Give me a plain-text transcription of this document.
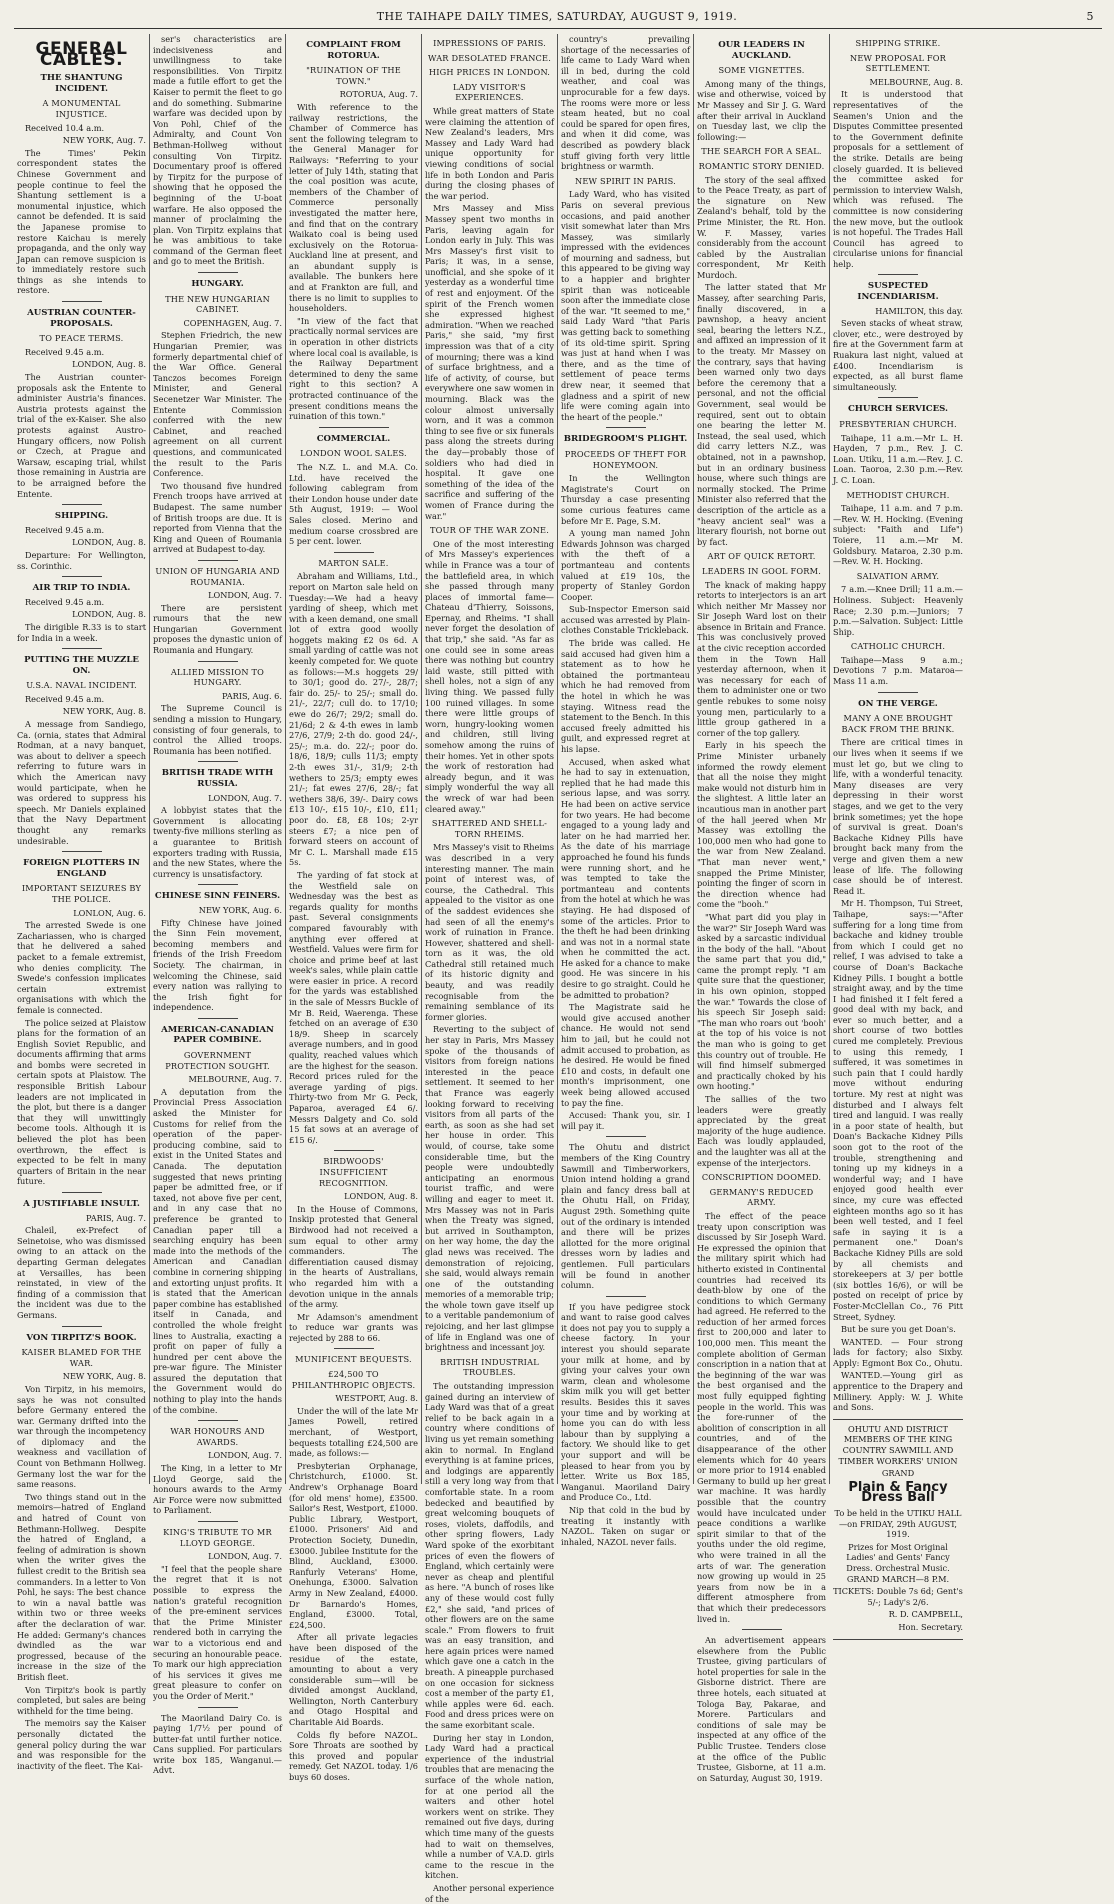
THE TAIHAPE DAILY TIMES, SATURDAY, AUGUST 9, 1919.	5
GENERAL CABLES.
THE SHANTUNG INCIDENT.
A MONUMENTAL INJUSTICE.

Received 10.4 a.m.

NEW YORK, Aug. 7.

The Times' Pekin correspondent states the Chinese Government and people continue to feel the Shantung settlement is a monumental injustice, which cannot be defended. It is said the Japanese promise to restore Kaichau is merely propaganda, and the only way Japan can remove suspicion is to immediately restore such things as she intends to restore.

AUSTRIAN COUNTER-PROPOSALS.
TO PEACE TERMS.

Received 9.45 a.m.

LONDON, Aug. 8.

The Austrian counter-proposals ask the Entente to administer Austria's finances. Austria protests against the trial of the ex-Kaiser. She also protests against Austro-Hungary officers, now Polish or Czech, at Prague and Warsaw, escaping trial, whilst those remaining in Austria are to be arraigned before the Entente.

SHIPPING.

Received 9.45 a.m.

LONDON, Aug. 8.

Departure: For Wellington, ss. Corinthic.

AIR TRIP TO INDIA.

Received 9.45 a.m.

LONDON, Aug. 8.

The dirigible R.33 is to start for India in a week.

PUTTING THE MUZZLE ON.
U.S.A. NAVAL INCIDENT.

Received 9.45 a.m.

NEW YORK, Aug. 8.

A message from Sandiego, Ca. (ornia, states that Admiral Rodman, at a navy banquet, was about to deliver a speech referring to future wars in which the American navy would participate, when he was ordered to suppress his speech. Mr Daniels explained that the Navy Department thought any remarks undesirable.

FOREIGN PLOTTERS IN ENGLAND
IMPORTANT SEIZURES BY THE POLICE.
LONLON, Aug. 6.

The arrested Swede is one Zachariassen, who is charged that he delivered a sahed packet to a female extremist, who denies complicity. The Swede's confession implicates certain extremist organisations with which the female is connected.

The police seized at Plaistow plans for the formation of an English Soviet Republic, and documents affirming that arms and bombs were secreted in certain spots at Plaistow. The responsible British Labour leaders are not implicated in the plot, but there is a danger that they will unwittingly become tools. Although it is believed the plot has been overthrown, the effect is expected to be felt in many quarters of Britain in the near future.

A JUSTIFIABLE INSULT.
PARIS, Aug. 7.

Chaleil, ex-Prefect of Seinetoise, who was dismissed owing to an attack on the departing German delegates at Versailles, has been reinstated, in view of the finding of a commission that the incident was due to the Germans.

VON TIRPITZ'S BOOK.
KAISER BLAMED FOR THE WAR.
NEW YORK, Aug. 8.

Von Tirpitz, in his memoirs, says he was not consulted before Germany entered the war. Germany drifted into the war through the incompetency of diplomacy and the weakness and vacillation of Count von Bethmann Hollweg. Germany lost the war for the same reasons.

Two things stand out in the memoirs—hatred of England and hatred of Count von Bethmann-Hollweg. Despite the hatred of England, a feeling of admiration is shown when the writer gives the fullest credit to the British sea commanders. In a letter to Von Pohl, he says: The best chance to win a naval battle was within two or three weeks after the declaration of war. He added: Germany's chances dwindled as the war progressed, because of the increase in the size of the British fleet.

Von Tirpitz's book is partly completed, but sales are being withheld for the time being.

The memoirs say the Kaiser personally dictated the general policy during the war and was responsible for the inactivity of the fleet. The Kai-

ser's characteristics are indecisiveness and unwillingness to take responsibilities. Von Tirpitz made a futile effort to get the Kaiser to permit the fleet to go and do something. Submarine warfare was decided upon by Von Pohl, Chief of the Admiralty, and Count Von Bethman-Hollweg without consulting Von Tirpitz. Documentary proof is offered by Tirpitz for the purpose of showing that he opposed the beginning of the U-boat warfare. He also opposed the manner of proclaiming the plan. Von Tirpitz explains that he was ambitious to take command of the German fleet and go to meet the British.

HUNGARY.
THE NEW HUNGARIAN CABINET.
COPENHAGEN, Aug. 7.

Stephen Friedrich, the new Hungarian Premier, was formerly departmental chief of the War Office. General Tanczos becomes Foreign Minister, and General Secenetzer War Minister. The Entente Commission conferred with the new Cabinet, and reached agreement on all current questions, and communicated the result to the Paris Conference.

Two thousand five hundred French troops have arrived at Budapest. The same number of British troops are due. It is reported from Vienna that the King and Queen of Roumania arrived at Budapest to-day.

UNION OF HUNGARIA AND ROUMANIA.
LONDON, Aug. 7.

There are persistent rumours that the new Hungarian Government proposes the dynastic union of Roumania and Hungary.

ALLIED MISSION TO HUNGARY.
PARIS, Aug. 6.

The Supreme Council is sending a mission to Hungary, consisting of four generals, to control the Allied troops. Roumania has been notified.

BRITISH TRADE WITH RUSSIA.
LONDON, Aug. 7.

A lobbyist states that the Government is allocating twenty-five millions sterling as a guarantee to British exporters trading with Russia, and the new States, where the currency is unsatisfactory.

CHINESE SINN FEINERS.
NEW YORK, Aug. 6.

Fifty Chinese have joined the Sinn Fein movement, becoming members and friends of the Irish Freedom Society. The chairman, in welcoming the Chinese, said every nation was rallying to the Irish fight for independence.

AMERICAN-CANADIAN PAPER COMBINE.
GOVERNMENT PROTECTION SOUGHT.
MELBOURNE, Aug. 7.

A deputation from the Provincial Press Association asked the Minister for Customs for relief from the operation of the paper-producing combine, said to exist in the United States and Canada. The deputation suggested that news printing paper be admitted free, or if taxed, not above five per cent, and in any case that no preference be granted to Canadian paper till a searching enquiry has been made into the methods of the American and Canadian combine in cornering shipping and extorting unjust profits. It is stated that the American paper combine has established itself in Canada, and controlled the whole freight lines to Australia, exacting a profit on paper of fully a hundred per cent above the pre-war figure. The Minister assured the deputation that the Government would do nothing to play into the hands of the combine.

WAR HONOURS AND AWARDS.
LONDON, Aug. 7.

The King, in a letter to Mr Lloyd George, said the honours awards to the Army Air Force were now submitted to Parliament.

KING'S TRIBUTE TO MR LLOYD GEORGE.
LONDON, Aug. 7.

"I feel that the people share the regret that it is not possible to express the nation's grateful recognition of the pre-eminent services that the Prime Minister rendered both in carrying the war to a victorious end and securing an honourable peace. To mark our high appreciation of his services it gives me great pleasure to confer on you the Order of Merit."

The Maoriland Dairy Co. is paying 1/7½ per pound of butter-fat until further notice. Cans supplied. For particulars write box 185, Wanganui.—Advt.

COMPLAINT FROM ROTORUA.
"RUINATION OF THE TOWN."
ROTORUA, Aug. 7.

With reference to the railway restrictions, the Chamber of Commerce has sent the following telegram to the General Manager for Railways: "Referring to your letter of July 14th, stating that the coal position was acute, members of the Chamber of Commerce personally investigated the matter here, and find that on the contrary Waikato coal is being used exclusively on the Rotorua-Auckland line at present, and an abundant supply is available. The bunkers here and at Frankton are full, and there is no limit to supplies to householders.

"In view of the fact that practically normal services are in operation in other districts where local coal is available, is the Railway Department determined to deny the same right to this section? A protracted continuance of the present conditions means the ruination of this town."

COMMERCIAL.
LONDON WOOL SALES.

The N.Z. L. and M.A. Co. Ltd. have received the following cablegram from their London house under date 5th August, 1919: — Wool Sales closed. Merino and medium coarse crossbred are 5 per cent. lower.

MARTON SALE.

Abraham and Williams, Ltd., report on Marton sale held on Tuesday:—We had a heavy yarding of sheep, which met with a keen demand, one small lot of extra good woolly hoggets making £2 0s 6d. A small yarding of cattle was not keenly competed for. We quote as follows:—M.s hoggets 29/ to 30/1; good do. 27/-, 28/7; fair do. 25/- to 25/-; small do. 21/-, 22/7; cull do. to 17/10; ewe do 26/7; 29/2; small do. 21/6d; 2 & 4-th ewes in lamb 27/6, 27/9; 2-th do. good 24/-, 25/-; m.a. do. 22/-; poor do. 18/6, 18/9; culls 11/3; empty 2-th ewes 31/-, 31/9; 2-th wethers to 25/3; empty ewes 21/-; fat ewes 27/6, 28/-; fat wethers 38/6, 39/-. Dairy cows £13 10/-, £15 10/-, £10, £11; poor do. £8, £8 10s; 2-yr steers £7; a nice pen of forward steers on account of Mr C. L. Marshall made £15 5s.

The yarding of fat stock at the Westfield sale on Wednesday was the best as regards quality for months past. Several consignments compared favourably with anything ever offered at Westfield. Values were firm for choice and prime beef at last week's sales, while plain cattle were easier in price. A record for the yards was established in the sale of Messrs Buckle of Mr B. Reid, Waerenga. These fetched on an average of £30 18/9. Sheep in scarcely average numbers, and in good quality, reached values which are the highest for the season. Record prices ruled for the average yarding of pigs. Thirty-two from Mr G. Peck, Paparoa, averaged £4 6/. Messrs Dalgety and Co. sold 15 fat sows at an average of £15 6/.

BIRDWOODS' INSUFFICIENT RECOGNITION.
LONDON, Aug. 8.

In the House of Commons, Inskip protested that General Birdwood had not received a sum equal to other army commanders. The differentiation caused dismay in the hearts of Australians, who regarded him with a devotion unique in the annals of the army.

Mr Adamson's amendment to reduce war grants was rejected by 288 to 66.

MUNIFICENT BEQUESTS.
£24,500 TO PHILANTHROPIC OBJECTS.
WESTPORT, Aug. 8.

Under the will of the late Mr James Powell, retired merchant, of Westport, bequests totalling £24,500 are made, as follows:—

Presbyterian Orphanage, Christchurch, £1000. St. Andrew's Orphanage Board (for old mens' home), £3500. Sailor's Rest, Westport, £1000. Public Library, Westport, £1000. Prisoners' Aid and Protection Society, Dunedin, £3000. Jubilee Institute for the Blind, Auckland, £3000. Ranfurly Veterans' Home, Onehunga, £3000. Salvation Army in New Zealand, £4000. Dr Barnardo's Homes, England, £3000. Total, £24,500.

After all private legacies have been disposed of the residue of the estate, amounting to about a very considerable sum—will be divided amongst Auckland, Wellington, North Canterbury and Otago Hospital and Charitable Aid Boards.

Colds fly before NAZOL. Sore Throats are soothed by this proved and popular remedy. Get NAZOL today. 1/6 buys 60 doses.

IMPRESSIONS OF PARIS.
WAR DESOLATED FRANCE.
HIGH PRICES IN LONDON.
LADY VISITOR'S EXPERIENCES.

While great matters of State were claiming the attention of New Zealand's leaders, Mrs Massey and Lady Ward had unique opportunity for viewing conditions of social life in both London and Paris during the closing phases of the war period.

Mrs Massey and Miss Massey spent two months in Paris, leaving again for London early in July. This was Mrs Massey's first visit to Paris; it was, in a sense, unofficial, and she spoke of it yesterday as a wonderful time of rest and enjoyment. Of the spirit of the French women she expressed highest admiration. "When we reached Paris," she said, "my first impression was that of a city of mourning; there was a kind of surface brightness, and a life of activity, of course, but everywhere one saw women in mourning. Black was the colour almost universally worn, and it was a common thing to see five or six funerals pass along the streets during the day—probably those of soldiers who had died in hospital. It gave one something of the idea of the sacrifice and suffering of the women of France during the war."

TOUR OF THE WAR ZONE.

One of the most interesting of Mrs Massey's experiences while in France was a tour of the battlefield area, in which she passed through many places of immortal fame—Chateau d'Thierry, Soissons, Epernay, and Rheims. "I shall never forget the desolation of that trip," she said. "As far as one could see in some areas there was nothing but country laid waste, still pitted with shell holes, not a sign of any living thing. We passed fully 100 ruined villages. In some there were little groups of worn, hungry-looking women and children, still living somehow among the ruins of their homes. Yet in other spots the work of restoration had already begun, and it was simply wonderful the way all the wreck of war had been cleared away."

SHATTERED AND SHELL-TORN RHEIMS.

Mrs Massey's visit to Rheims was described in a very interesting manner. The main point of interest was, of course, the Cathedral. This appealed to the visitor as one of the saddest evidences she had seen of all the enemy's work of ruination in France. However, shattered and shell-torn as it was, the old Cathedral still retained much of its historic dignity and beauty, and was readily recognisable from the remaining semblance of its former glories.

Reverting to the subject of her stay in Paris, Mrs Massey spoke of the thousands of visitors from foreign nations interested in the peace settlement. It seemed to her that France was eagerly looking forward to receiving visitors from all parts of the earth, as soon as she had set her house in order. This would, of course, take some considerable time, but the people were undoubtedly anticipating an enormous tourist traffic, and were willing and eager to meet it. Mrs Massey was not in Paris when the Treaty was signed, but arrived in Southampton, on her way home, the day the glad news was received. The demonstration of rejoicing, she said, would always remain one of the outstanding memories of a memorable trip; the whole town gave itself up to a veritable pandemonium of rejoicing, and her last glimpse of life in England was one of brightness and incessant joy.

BRITISH INDUSTRIAL TROUBLES.

The outstanding impression gained during an interview of Lady Ward was that of a great relief to be back again in a country where conditions of living us yet remain something akin to normal. In England everything is at famine prices, and lodgings are apparently still a very long way from that comfortable state. In a room bedecked and beautified by great welcoming bouquets of roses, violets, daffodils, and other spring flowers, Lady Ward spoke of the exorbitant prices of even the flowers of England, which certainly were never as cheap and plentiful as here. "A bunch of roses like any of these would cost fully £2," she said, "and prices of other flowers are on the same scale." From flowers to fruit was an easy transition, and here again prices were named which gave one a catch in the breath. A pineapple purchased on one occasion for sickness cost a member of the party £1, while apples were 6d. each. Food and dress prices were on the same exorbitant scale.

During her stay in London, Lady Ward had a practical experience of the industrial troubles that are menacing the surface of the whole nation, for at one period all the waiters and other hotel workers went on strike. They remained out five days, during which time many of the guests had to wait on themselves, while a number of V.A.D. girls came to the rescue in the kitchen.

Another personal experience of the

country's prevailing shortage of the necessaries of life came to Lady Ward when ill in bed, during the cold weather, and coal was unprocurable for a few days. The rooms were more or less steam heated, but no coal could be spared for open fires, and when it did come, was described as powdery black stuff giving forth very little brightness or warmth.

NEW SPIRIT IN PARIS.

Lady Ward, who has visited Paris on several previous occasions, and paid another visit somewhat later than Mrs Massey, was similarly impressed with the evidences of mourning and sadness, but this appeared to be giving way to a happier and brighter spirit than was noticeable soon after the immediate close of the war. "It seemed to me," said Lady Ward "that Paris was getting back to something of its old-time spirit. Spring was just at hand when I was there, and as the time of settlement of peace terms drew near, it seemed that gladness and a spirit of new life were coming again into the heart of the people."

BRIDEGROOM'S PLIGHT.
PROCEEDS OF THEFT FOR HONEYMOON.

In the Wellington Magistrate's Court on Thursday a case presenting some curious features came before Mr E. Page, S.M.

A young man named John Edwards Johnson was charged with the theft of a portmanteau and contents valued at £19 10s, the property of Stanley Gordon Cooper.

Sub-Inspector Emerson said accused was arrested by Plain-clothes Constable Trickleback.

The bride was called. He said accused had given him a statement as to how he obtained the portmanteau which he had removed from the hotel in which he was staying. Witness read the statement to the Bench. In this accused freely admitted his guilt, and expressed regret at his lapse.

Accused, when asked what he had to say in extenuation, replied that he had made this serious lapse, and was sorry. He had been on active service for two years. He had become engaged to a young lady and later on he had married her. As the date of his marriage approached he found his funds were running short, and he was tempted to take the portmanteau and contents from the hotel at which he was staying. He had disposed of some of the articles. Prior to the theft he had been drinking and was not in a normal state when he committed the act. He asked for a chance to make good. He was sincere in his desire to go straight. Could he be admitted to probation?

The Magistrate said he would give accused another chance. He would not send him to jail, but he could not admit accused to probation, as he desired. He would be fined £10 and costs, in default one month's imprisonment, one week being allowed accused to pay the fine.

Accused: Thank you, sir. I will pay it.

The Ohutu and district members of the King Country Sawmill and Timberworkers, Union intend holding a grand plain and fancy dress ball at the Ohutu Hall, on Friday, August 29th. Something quite out of the ordinary is intended and there will be prizes allotted for the more original dresses worn by ladies and gentlemen. Full particulars will be found in another column.

If you have pedigree stock and want to raise good calves it does not pay you to supply a cheese factory. In your interest you should separate your milk at home, and by giving your calves your own warm, clean and wholesome skim milk you will get better results. Besides this it saves your time and by working at home you can do with less labour than by supplying a factory. We should like to get your support and will be pleased to hear from you by letter. Write us Box 185, Wanganui. Maoriland Dairy and Produce Co., Ltd.

Nip that cold in the bud by treating it instantly with NAZOL. Taken on sugar or inhaled, NAZOL never fails.

OUR LEADERS IN AUCKLAND.
SOME VIGNETTES.

Among many of the things, wise and otherwise, voiced by Mr Massey and Sir J. G. Ward after their arrival in Auckland on Tuesday last, we clip the following:—

THE SEARCH FOR A SEAL.
ROMANTIC STORY DENIED.

The story of the seal affixed to the Peace Treaty, as part of the signature on New Zealand's behalf, told by the Prime Minister, the Rt. Hon. W. F. Massey, varies considerably from the account cabled by the Australian correspondent, Mr Keith Murdoch.

The latter stated that Mr Massey, after searching Paris, finally discovered, in a pawnshop, a heavy ancient seal, bearing the letters N.Z., and affixed an impression of it to the treaty. Mr Massey on the contrary, says that having been warned only two days before the ceremony that a personal, and not the official Government, seal would be required, sent out to obtain one bearing the letter M. Instead, the seal used, which did carry letters N.Z., was obtained, not in a pawnshop, but in an ordinary business house, where such things are normally stocked. The Prime Minister also referred that the description of the article as a "heavy ancient seal" was a literary flourish, not borne out by fact.

ART OF QUICK RETORT.
LEADERS IN GOOL FORM.

The knack of making happy retorts to interjectors is an art which neither Mr Massey nor Sir Joseph Ward lost on their absence in Britain and France. This was conclusively proved at the civic reception accorded them in the Town Hall yesterday afternoon, when it was necessary for each of them to administer one or two gentle rebukes to some noisy young men, particularly to a little group gathered in a corner of the top gallery.

Early in his speech the Prime Minister urbanely informed the rowdy element that all the noise they might make would not disturb him in the slightest. A little later an incautious man in another part of the hall jeered when Mr Massey was extolling the 100,000 men who had gone to the war from New Zealand. "That man never went," snapped the Prime Minister, pointing the finger of scorn in the direction whence had come the "booh."

"What part did you play in the war?" Sir Joseph Ward was asked by a sarcastic individual in the body of the hall. "About the same part that you did," came the prompt reply. "I am quite sure that the questioner, in his own opinion, stopped the war." Towards the close of his speech Sir Joseph said: "The man who roars out 'booh' at the top of his voice is not the man who is going to get this country out of trouble. He will find himself submerged and practically choked by his own hooting."

The sallies of the two leaders were greatly appreciated by the great majority of the huge audience. Each was loudly applauded, and the laughter was all at the expense of the interjectors.

CONSCRIPTION DOOMED.
GERMANY'S REDUCED ARMY.

The effect of the peace treaty upon conscription was discussed by Sir Joseph Ward. He expressed the opinion that the military spirit which had hitherto existed in Continental countries had received its death-blow by one of the conditions to which Germany had agreed. He referred to the reduction of her armed forces first to 200,000 and later to 100,000 men. This meant the complete abolition of German conscription in a nation that at the beginning of the war was the best organised and the most fully equipped fighting people in the world. This was the fore-runner of the abolition of conscription in all countries, and of the disappearance of the other elements which for 40 years or more prior to 1914 enabled Germany to build up her great war machine. It was hardly possible that the country would have inculcated under peace conditions a warlike spirit similar to that of the youths under the old regime, who were trained in all the arts of war. The generation now growing up would in 25 years from now be in a different atmosphere from that which their predecessors lived in.

An advertisement appears elsewhere from the Public Trustee, giving particulars of hotel properties for sale in the Gisborne district. There are three hotels, each situated at Tologa Bay, Pakarae, and Morere. Particulars and conditions of sale may be inspected at any office of the Public Trustee. Tenders close at the office of the Public Trustee, Gisborne, at 11 a.m. on Saturday, August 30, 1919.

SHIPPING STRIKE.
NEW PROPOSAL FOR SETTLEMENT.
MELBOURNE, Aug. 8.

It is understood that representatives of the Seamen's Union and the Disputes Committee presented to the Government definite proposals for a settlement of the strike. Details are being closely guarded. It is believed the committee asked for permission to interview Walsh, which was refused. The committee is now considering the new move, but the outlook is not hopeful. The Trades Hall Council has agreed to circularise unions for financial help.

SUSPECTED INCENDIARISM.
HAMILTON, this day.

Seven stacks of wheat straw, clover, etc., were destroyed by fire at the Government farm at Ruakura last night, valued at £400. Incendiarism is expected, as all burst flame simultaneously.

CHURCH SERVICES.
PRESBYTERIAN CHURCH.

Taihape, 11 a.m.—Mr L. H. Hayden, 7 p.m., Rev. J. C. Loan. Utiku, 11 a.m.—Rev. J. C. Loan. Taoroa, 2.30 p.m.—Rev. J. C. Loan.

METHODIST CHURCH.

Taihape, 11 a.m. and 7 p.m.—Rev. W. H. Hocking. (Evening subject: "Faith and Life") Toiere, 11 a.m.—Mr M. Goldsbury. Mataroa, 2.30 p.m.—Rev. W. H. Hocking.

SALVATION ARMY.

7 a.m.—Knee Drill; 11 a.m.—Holiness. Subject: Heavenly Race; 2.30 p.m.—Juniors; 7 p.m.—Salvation. Subject: Little Ship.

CATHOLIC CHURCH.

Taihape—Mass 9 a.m.; Devotions 7 p.m. Mataroa—Mass 11 a.m.

ON THE VERGE.
MANY A ONE BROUGHT BACK FROM THE BRINK.

There are critical times in our lives when it seems if we must let go, but we cling to life, with a wonderful tenacity. Many diseases are very depressing in their worst stages, and we get to the very brink sometimes; yet the hope of survival is great. Doan's Backache Kidney Pills have brought back many from the verge and given them a new lease of life. The following case should be of interest. Read it.

Mr H. Thompson, Tui Street, Taihape, says:—"After suffering for a long time from backache and kidney trouble from which I could get no relief, I was advised to take a course of Doan's Backache Kidney Pills. I bought a bottle straight away, and by the time I had finished it I felt fered a good deal with my back, and ever so much better, and a short course of two bottles cured me completely. Previous to using this remedy, I suffered, it was sometimes in such pain that I could hardly move without enduring torture. My rest at night was disturbed and I always felt tired and languid. I was really in a poor state of health, but Doan's Backache Kidney Pills soon got to the root of the trouble, strengthening and toning up my kidneys in a wonderful way; and I have enjoyed good health ever since, my cure was effected eighteen months ago so it has been well tested, and I feel safe in saying it is a permanent one." Doan's Backache Kidney Pills are sold by all chemists and storekeepers at 3/ per bottle (six bottles 16/6), or will be posted on receipt of price by Foster-McClellan Co., 76 Pitt Street, Sydney.

But be sure you get Doan's.

WANTED. — Four strong lads for factory; also Sixby. Apply: Egmont Box Co., Ohutu.

WANTED.—Young girl as apprentice to the Drapery and Millinery. Apply: W. J. White and Sons.

OHUTU AND DISTRICT MEMBERS OF THE KING COUNTRY SAWMILL AND TIMBER WORKERS' UNION

GRAND

Plain & Fancy Dress Ball

To be held in the UTIKU HALL—on FRIDAY, 29th AUGUST, 1919.

Prizes for Most Original Ladies' and Gents' Fancy Dress. Orchestral Music. GRAND MARCH—8 P.M.

TICKETS: Double 7s 6d; Gent's 5/-; Lady's 2/6.

R. D. CAMPBELL,

Hon. Secretary.
